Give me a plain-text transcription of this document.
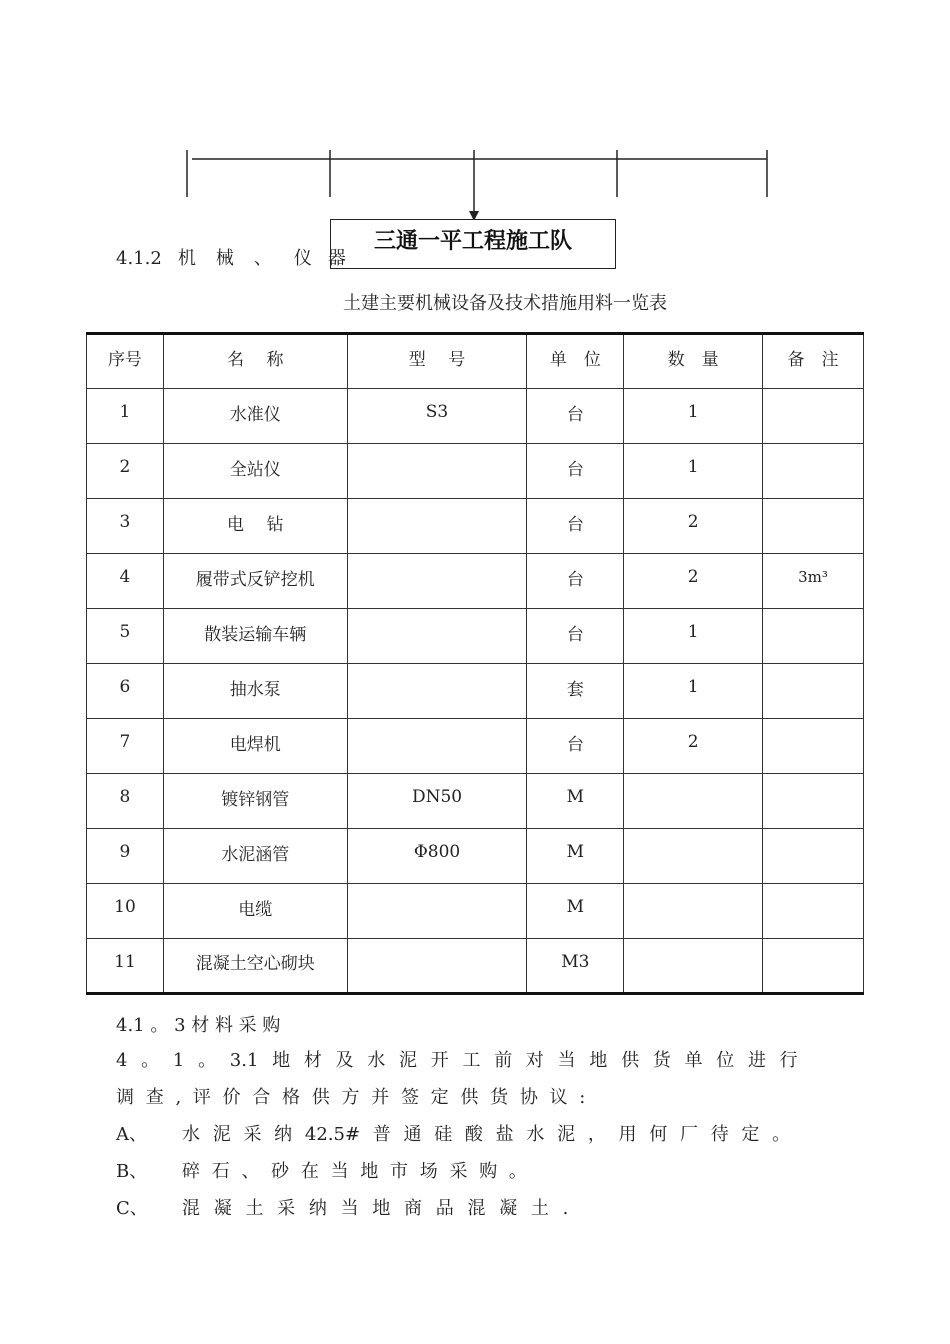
三通一平工程施工队
4.1.2 机 械 、 仪 器
土建主要机械设备及技术措施用料一览表
序号	名　 称	型　 号	单　位	数　量	备　注
1	水准仪	S3	台	1	
2	全站仪		台	1	
3	电　 钻		台	2	
4	履带式反铲挖机		台	2	3m³
5	散装运输车辆		台	1	
6	抽水泵		套	1	
7	电焊机		台	2	
8	镀锌钢管	DN50	M		
9	水泥涵管	Φ800	M		
10	电缆		M		
11	混凝土空心砌块		M3		
4.1 。 3 材 料 采 购
4 。 1 。 3.1 地 材 及 水 泥 开 工 前 对 当 地 供 货 单 位 进 行
调 查 , 评 价 合 格 供 方 并 签 定 供 货 协 议 :
A、 水 泥 采 纳 42.5# 普 通 硅 酸 盐 水 泥 ， 用 何 厂 待 定 。
B、 碎 石 、 砂 在 当 地 市 场 采 购 。
C、 混 凝 土 采 纳 当 地 商 品 混 凝 土 .
